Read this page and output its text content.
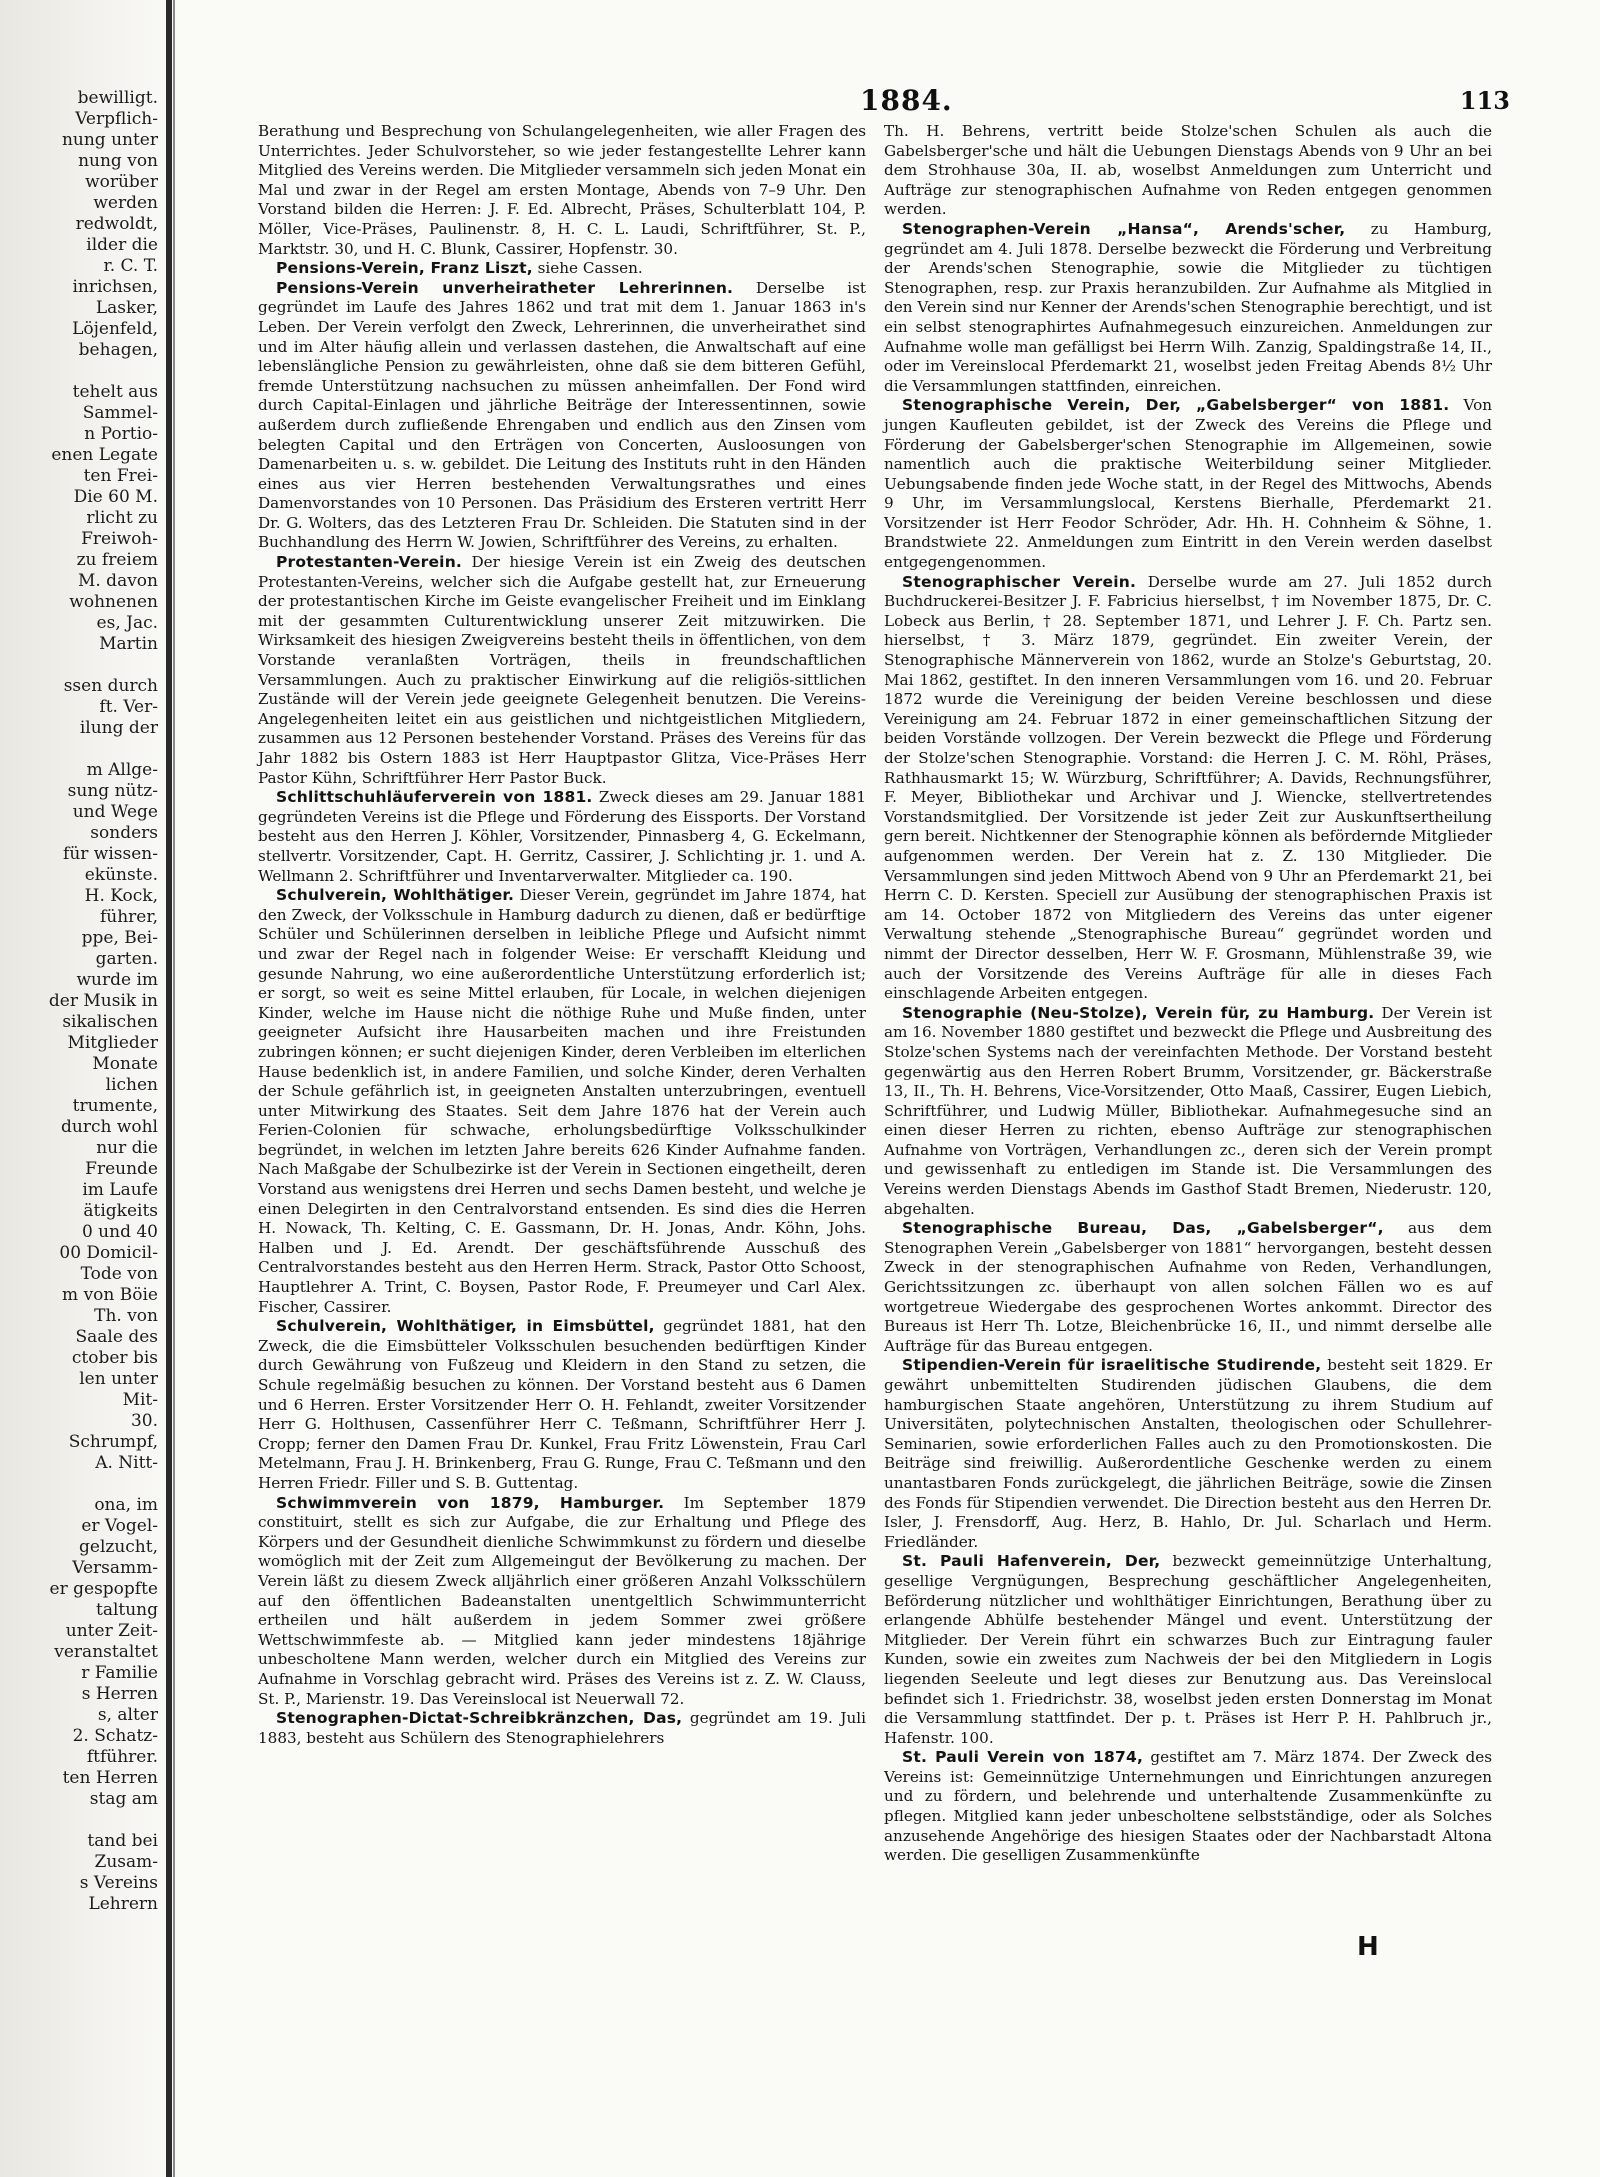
bewilligt.
Verpflich-
nung unter
nung von
worüber
werden
redwoldt,
ilder die
r. C. T.
inrichsen,
Lasker,
Löjenfeld,
behagen,
tehelt aus
Sammel-
n Portio-
enen Legate
ten Frei-
Die 60 M.
rlicht zu
Freiwoh-
zu freiem
M. davon
wohnenen
es, Jac.
Martin
ssen durch
ft. Ver-
ilung der
m Allge-
sung nütz-
und Wege
sonders
für wissen-
ekünste.
H. Kock,
führer,
ppe, Bei-
garten.
wurde im
der Musik in
sikalischen
Mitglieder
Monate
lichen
trumente,
durch wohl
nur die
Freunde
im Laufe
ätigkeits
0 und 40
00 Domicil-
Tode von
m von Böie
Th. von
Saale des
ctober bis
len unter
Mit-
30.
Schrumpf,
A. Nitt-
ona, im
er Vogel-
gelzucht,
Versamm-
er gespopfte
taltung
unter Zeit-
veranstaltet
r Familie
s Herren
s, alter
2. Schatz-
ftführer.
ten Herren
stag am
tand bei
Zusam-
s Vereins
Lehrern
1884.	113
Berathung und Besprechung von Schulangelegenheiten, wie aller Fragen des Unterrichtes. Jeder Schulvorsteher, so wie jeder festangestellte Lehrer kann Mitglied des Vereins werden. Die Mitglieder versammeln sich jeden Monat ein Mal und zwar in der Regel am ersten Montage, Abends von 7–9 Uhr. Den Vorstand bilden die Herren: J. F. Ed. Albrecht, Präses, Schulterblatt 104, P. Möller, Vice-Präses, Paulinenstr. 8, H. C. L. Laudi, Schriftführer, St. P., Marktstr. 30, und H. C. Blunk, Cassirer, Hopfenstr. 30.
Pensions-Verein, Franz Liszt, siehe Cassen.
Pensions-Verein unverheiratheter Lehrerinnen. Derselbe ist gegründet im Laufe des Jahres 1862 und trat mit dem 1. Januar 1863 in's Leben. Der Verein verfolgt den Zweck, Lehrerinnen, die unverheirathet sind und im Alter häufig allein und verlassen dastehen, die Anwaltschaft auf eine lebenslängliche Pension zu gewährleisten, ohne daß sie dem bitteren Gefühl, fremde Unterstützung nachsuchen zu müssen anheimfallen. Der Fond wird durch Capital-Einlagen und jährliche Beiträge der Interessentinnen, sowie außerdem durch zufließende Ehrengaben und endlich aus den Zinsen vom belegten Capital und den Erträgen von Concerten, Ausloosungen von Damenarbeiten u. s. w. gebildet. Die Leitung des Instituts ruht in den Händen eines aus vier Herren bestehenden Verwaltungsrathes und eines Damenvorstandes von 10 Personen. Das Präsidium des Ersteren vertritt Herr Dr. G. Wolters, das des Letzteren Frau Dr. Schleiden. Die Statuten sind in der Buchhandlung des Herrn W. Jowien, Schriftführer des Vereins, zu erhalten.
Protestanten-Verein. Der hiesige Verein ist ein Zweig des deutschen Protestanten-Vereins, welcher sich die Aufgabe gestellt hat, zur Erneuerung der protestantischen Kirche im Geiste evangelischer Freiheit und im Einklang mit der gesammten Culturentwicklung unserer Zeit mitzuwirken. Die Wirksamkeit des hiesigen Zweigvereins besteht theils in öffentlichen, von dem Vorstande veranlaßten Vorträgen, theils in freundschaftlichen Versammlungen. Auch zu praktischer Einwirkung auf die religiös-sittlichen Zustände will der Verein jede geeignete Gelegenheit benutzen. Die Vereins-Angelegenheiten leitet ein aus geistlichen und nichtgeistlichen Mitgliedern, zusammen aus 12 Personen bestehender Vorstand. Präses des Vereins für das Jahr 1882 bis Ostern 1883 ist Herr Hauptpastor Glitza, Vice-Präses Herr Pastor Kühn, Schriftführer Herr Pastor Buck.
Schlittschuhläuferverein von 1881. Zweck dieses am 29. Januar 1881 gegründeten Vereins ist die Pflege und Förderung des Eissports. Der Vorstand besteht aus den Herren J. Köhler, Vorsitzender, Pinnasberg 4, G. Eckelmann, stellvertr. Vorsitzender, Capt. H. Gerritz, Cassirer, J. Schlichting jr. 1. und A. Wellmann 2. Schriftführer und Inventarverwalter. Mitglieder ca. 190.
Schulverein, Wohlthätiger. Dieser Verein, gegründet im Jahre 1874, hat den Zweck, der Volksschule in Hamburg dadurch zu dienen, daß er bedürftige Schüler und Schülerinnen derselben in leibliche Pflege und Aufsicht nimmt und zwar der Regel nach in folgender Weise: Er verschafft Kleidung und gesunde Nahrung, wo eine außerordentliche Unterstützung erforderlich ist; er sorgt, so weit es seine Mittel erlauben, für Locale, in welchen diejenigen Kinder, welche im Hause nicht die nöthige Ruhe und Muße finden, unter geeigneter Aufsicht ihre Hausarbeiten machen und ihre Freistunden zubringen können; er sucht diejenigen Kinder, deren Verbleiben im elterlichen Hause bedenklich ist, in andere Familien, und solche Kinder, deren Verhalten der Schule gefährlich ist, in geeigneten Anstalten unterzubringen, eventuell unter Mitwirkung des Staates. Seit dem Jahre 1876 hat der Verein auch Ferien-Colonien für schwache, erholungsbedürftige Volksschulkinder begründet, in welchen im letzten Jahre bereits 626 Kinder Aufnahme fanden. Nach Maßgabe der Schulbezirke ist der Verein in Sectionen eingetheilt, deren Vorstand aus wenigstens drei Herren und sechs Damen besteht, und welche je einen Delegirten in den Centralvorstand entsenden. Es sind dies die Herren H. Nowack, Th. Kelting, C. E. Gassmann, Dr. H. Jonas, Andr. Köhn, Johs. Halben und J. Ed. Arendt. Der geschäftsführende Ausschuß des Centralvorstandes besteht aus den Herren Herm. Strack, Pastor Otto Schoost, Hauptlehrer A. Trint, C. Boysen, Pastor Rode, F. Preumeyer und Carl Alex. Fischer, Cassirer.
Schulverein, Wohlthätiger, in Eimsbüttel, gegründet 1881, hat den Zweck, die die Eimsbütteler Volksschulen besuchenden bedürftigen Kinder durch Gewährung von Fußzeug und Kleidern in den Stand zu setzen, die Schule regelmäßig besuchen zu können. Der Vorstand besteht aus 6 Damen und 6 Herren. Erster Vorsitzender Herr O. H. Fehlandt, zweiter Vorsitzender Herr G. Holthusen, Cassenführer Herr C. Teßmann, Schriftführer Herr J. Cropp; ferner den Damen Frau Dr. Kunkel, Frau Fritz Löwenstein, Frau Carl Metelmann, Frau J. H. Brinkenberg, Frau G. Runge, Frau C. Teßmann und den Herren Friedr. Filler und S. B. Guttentag.
Schwimmverein von 1879, Hamburger. Im September 1879 constituirt, stellt es sich zur Aufgabe, die zur Erhaltung und Pflege des Körpers und der Gesundheit dienliche Schwimmkunst zu fördern und dieselbe womöglich mit der Zeit zum Allgemeingut der Bevölkerung zu machen. Der Verein läßt zu diesem Zweck alljährlich einer größeren Anzahl Volksschülern auf den öffentlichen Badeanstalten unentgeltlich Schwimmunterricht ertheilen und hält außerdem in jedem Sommer zwei größere Wettschwimmfeste ab. — Mitglied kann jeder mindestens 18jährige unbescholtene Mann werden, welcher durch ein Mitglied des Vereins zur Aufnahme in Vorschlag gebracht wird. Präses des Vereins ist z. Z. W. Clauss, St. P., Marienstr. 19. Das Vereinslocal ist Neuerwall 72.
Stenographen-Dictat-Schreibkränzchen, Das, gegründet am 19. Juli 1883, besteht aus Schülern des Stenographielehrers
Th. H. Behrens, vertritt beide Stolze'schen Schulen als auch die Gabelsberger'sche und hält die Uebungen Dienstags Abends von 9 Uhr an bei dem Strohhause 30a, II. ab, woselbst Anmeldungen zum Unterricht und Aufträge zur stenographischen Aufnahme von Reden entgegen genommen werden.
Stenographen-Verein „Hansa“, Arends'scher, zu Hamburg, gegründet am 4. Juli 1878. Derselbe bezweckt die Förderung und Verbreitung der Arends'schen Stenographie, sowie die Mitglieder zu tüchtigen Stenographen, resp. zur Praxis heranzubilden. Zur Aufnahme als Mitglied in den Verein sind nur Kenner der Arends'schen Stenographie berechtigt, und ist ein selbst stenographirtes Aufnahmegesuch einzureichen. Anmeldungen zur Aufnahme wolle man gefälligst bei Herrn Wilh. Zanzig, Spaldingstraße 14, II., oder im Vereinslocal Pferdemarkt 21, woselbst jeden Freitag Abends 8½ Uhr die Versammlungen stattfinden, einreichen.
Stenographische Verein, Der, „Gabelsberger“ von 1881. Von jungen Kaufleuten gebildet, ist der Zweck des Vereins die Pflege und Förderung der Gabelsberger'schen Stenographie im Allgemeinen, sowie namentlich auch die praktische Weiterbildung seiner Mitglieder. Uebungsabende finden jede Woche statt, in der Regel des Mittwochs, Abends 9 Uhr, im Versammlungslocal, Kerstens Bierhalle, Pferdemarkt 21. Vorsitzender ist Herr Feodor Schröder, Adr. Hh. H. Cohnheim & Söhne, 1. Brandstwiete 22. Anmeldungen zum Eintritt in den Verein werden daselbst entgegengenommen.
Stenographischer Verein. Derselbe wurde am 27. Juli 1852 durch Buchdruckerei-Besitzer J. F. Fabricius hierselbst, † im November 1875, Dr. C. Lobeck aus Berlin, † 28. September 1871, und Lehrer J. F. Ch. Partz sen. hierselbst, † 3. März 1879, gegründet. Ein zweiter Verein, der Stenographische Männerverein von 1862, wurde an Stolze's Geburtstag, 20. Mai 1862, gestiftet. In den inneren Versammlungen vom 16. und 20. Februar 1872 wurde die Vereinigung der beiden Vereine beschlossen und diese Vereinigung am 24. Februar 1872 in einer gemeinschaftlichen Sitzung der beiden Vorstände vollzogen. Der Verein bezweckt die Pflege und Förderung der Stolze'schen Stenographie. Vorstand: die Herren J. C. M. Röhl, Präses, Rathhausmarkt 15; W. Würzburg, Schriftführer; A. Davids, Rechnungsführer, F. Meyer, Bibliothekar und Archivar und J. Wiencke, stellvertretendes Vorstandsmitglied. Der Vorsitzende ist jeder Zeit zur Auskunftsertheilung gern bereit. Nichtkenner der Stenographie können als befördernde Mitglieder aufgenommen werden. Der Verein hat z. Z. 130 Mitglieder. Die Versammlungen sind jeden Mittwoch Abend von 9 Uhr an Pferdemarkt 21, bei Herrn C. D. Kersten. Speciell zur Ausübung der stenographischen Praxis ist am 14. October 1872 von Mitgliedern des Vereins das unter eigener Verwaltung stehende „Stenographische Bureau“ gegründet worden und nimmt der Director desselben, Herr W. F. Grosmann, Mühlenstraße 39, wie auch der Vorsitzende des Vereins Aufträge für alle in dieses Fach einschlagende Arbeiten entgegen.
Stenographie (Neu-Stolze), Verein für, zu Hamburg. Der Verein ist am 16. November 1880 gestiftet und bezweckt die Pflege und Ausbreitung des Stolze'schen Systems nach der vereinfachten Methode. Der Vorstand besteht gegenwärtig aus den Herren Robert Brumm, Vorsitzender, gr. Bäckerstraße 13, II., Th. H. Behrens, Vice-Vorsitzender, Otto Maaß, Cassirer, Eugen Liebich, Schriftführer, und Ludwig Müller, Bibliothekar. Aufnahmegesuche sind an einen dieser Herren zu richten, ebenso Aufträge zur stenographischen Aufnahme von Vorträgen, Verhandlungen zc., deren sich der Verein prompt und gewissenhaft zu entledigen im Stande ist. Die Versammlungen des Vereins werden Dienstags Abends im Gasthof Stadt Bremen, Niederustr. 120, abgehalten.
Stenographische Bureau, Das, „Gabelsberger“, aus dem Stenographen Verein „Gabelsberger von 1881“ hervorgangen, besteht dessen Zweck in der stenographischen Aufnahme von Reden, Verhandlungen, Gerichtssitzungen zc. überhaupt von allen solchen Fällen wo es auf wortgetreue Wiedergabe des gesprochenen Wortes ankommt. Director des Bureaus ist Herr Th. Lotze, Bleichenbrücke 16, II., und nimmt derselbe alle Aufträge für das Bureau entgegen.
Stipendien-Verein für israelitische Studirende, besteht seit 1829. Er gewährt unbemittelten Studirenden jüdischen Glaubens, die dem hamburgischen Staate angehören, Unterstützung zu ihrem Studium auf Universitäten, polytechnischen Anstalten, theologischen oder Schullehrer-Seminarien, sowie erforderlichen Falles auch zu den Promotionskosten. Die Beiträge sind freiwillig. Außerordentliche Geschenke werden zu einem unantastbaren Fonds zurückgelegt, die jährlichen Beiträge, sowie die Zinsen des Fonds für Stipendien verwendet. Die Direction besteht aus den Herren Dr. Isler, J. Frensdorff, Aug. Herz, B. Hahlo, Dr. Jul. Scharlach und Herm. Friedländer.
St. Pauli Hafenverein, Der, bezweckt gemeinnützige Unterhaltung, gesellige Vergnügungen, Besprechung geschäftlicher Angelegenheiten, Beförderung nützlicher und wohlthätiger Einrichtungen, Berathung über zu erlangende Abhülfe bestehender Mängel und event. Unterstützung der Mitglieder. Der Verein führt ein schwarzes Buch zur Eintragung fauler Kunden, sowie ein zweites zum Nachweis der bei den Mitgliedern in Logis liegenden Seeleute und legt dieses zur Benutzung aus. Das Vereinslocal befindet sich 1. Friedrichstr. 38, woselbst jeden ersten Donnerstag im Monat die Versammlung stattfindet. Der p. t. Präses ist Herr P. H. Pahlbruch jr., Hafenstr. 100.
St. Pauli Verein von 1874, gestiftet am 7. März 1874. Der Zweck des Vereins ist: Gemeinnützige Unternehmungen und Einrichtungen anzuregen und zu fördern, und belehrende und unterhaltende Zusammenkünfte zu pflegen. Mitglied kann jeder unbescholtene selbstständige, oder als Solches anzusehende Angehörige des hiesigen Staates oder der Nachbarstadt Altona werden. Die geselligen Zusammenkünfte
H
